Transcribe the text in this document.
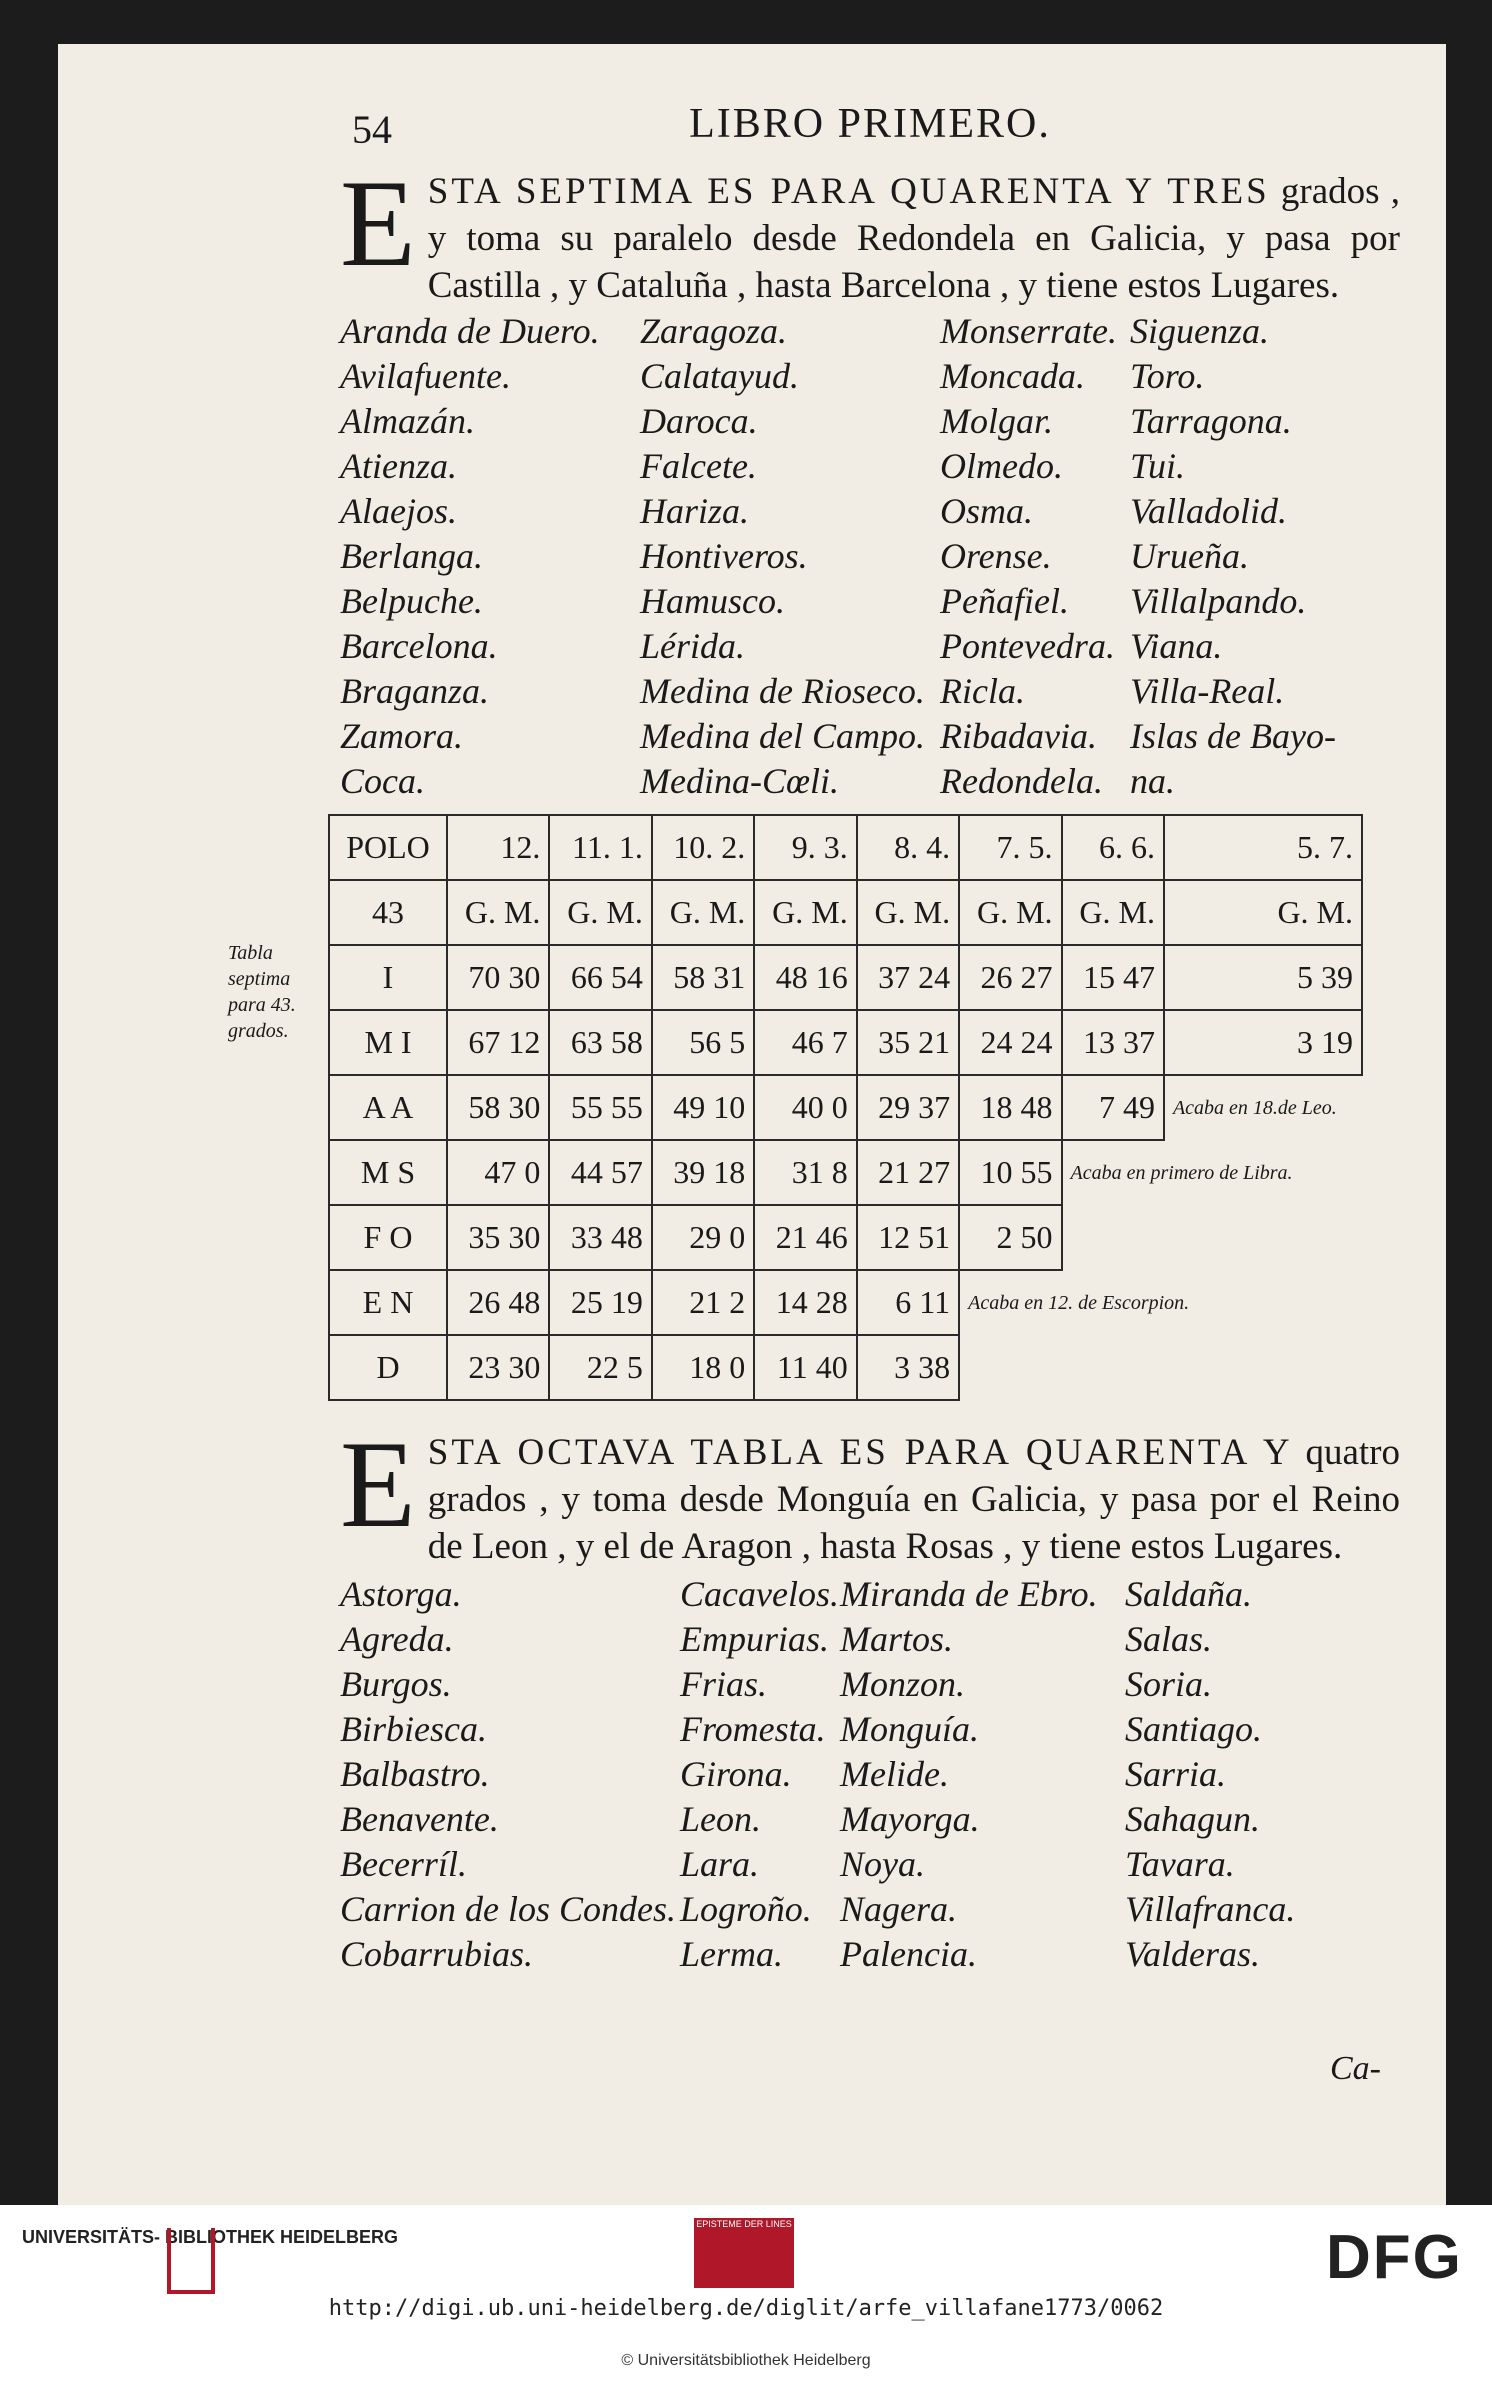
Tabla septima para 43. grados.
54	LIBRO PRIMERO.

E STA SEPTIMA ES PARA QUARENTA Y TRES grados , y toma su paralelo desde Redondela en Galicia, y pasa por Castilla , y Cataluña , hasta Barcelona , y tiene estos Lugares.

Aranda de Duero.	Zaragoza.	Monserrate. Siguenza.
Avilafuente.	Calatayud.	Moncada.	Toro.
Almazán.	Daroca.	Molgar.	Tarragona.
Atienza.	Falcete.	Olmedo.	Tui.
Alaejos.	Hariza.	Osma.	Valladolid.
Berlanga.	Hontiveros.	Orense.	Urueña.
Belpuche.	Hamusco.	Peñafiel.	Villalpando.
Barcelona.	Lérida.	Pontevedra. Viana.
Braganza.	Medina de Rioseco. Ricla.	Villa-Real.
Zamora.	Medina del Campo. Ribadavia. Islas de Bayo-
Coca.	Medina-Cœli.	Redondela. na.
POLO	12.	11. 1.	10. 2.	9. 3.	8. 4.	7. 5.	6. 6.	5. 7.
43	G. M.	G. M.	G. M.	G. M.	G. M.	G. M.	G. M.	G. M.
I	70 30	66 54	58 31	48 16	37 24	26 27	15 47	5 39
M I	67 12	63 58	56 5	46 7	35 21	24 24	13 37	3 19
A A	58 30	55 55	49 10	40 0	29 37	18 48	7 49	Acaba en 18.de Leo.
M S	47 0	44 57	39 18	31 8	21 27	10 55	Acaba en primero de Libra.	
F O	35 30	33 48	29 0	21 46	12 51	2 50		
E N	26 48	25 19	21 2	14 28	6 11	Acaba en 12. de Escorpion.		
D	23 30	22 5	18 0	11 40	3 38			

E STA OCTAVA TABLA ES PARA QUARENTA Y quatro grados , y toma desde Monguía en Galicia, y pasa por el Reino de Leon , y el de Aragon , hasta Rosas , y tiene estos Lugares.

Astorga.	Cacavelos. Miranda de Ebro. Saldaña.
Agreda.	Empurias. Martos.	Salas.
Burgos.	Frias.	Monzon.	Soria.
Birbiesca.	Fromesta. Monguía.	Santiago.
Balbastro.	Girona.	Melide.	Sarria.
Benavente.	Leon.	Mayorga.	Sahagun.
Becerríl.	Lara.	Noya.	Tavara.
Carrion de los Condes. Logroño. Nagera.	Villafranca.
Cobarrubias.	Lerma.	Palencia.	Valderas.
Ca-
UNIVERSITÄTS- BIBLIOTHEK HEIDELBERG
EPISTEME DER LINES	DFG
http://digi.ub.uni-heidelberg.de/diglit/arfe_villafane1773/0062
© Universitätsbibliothek Heidelberg
